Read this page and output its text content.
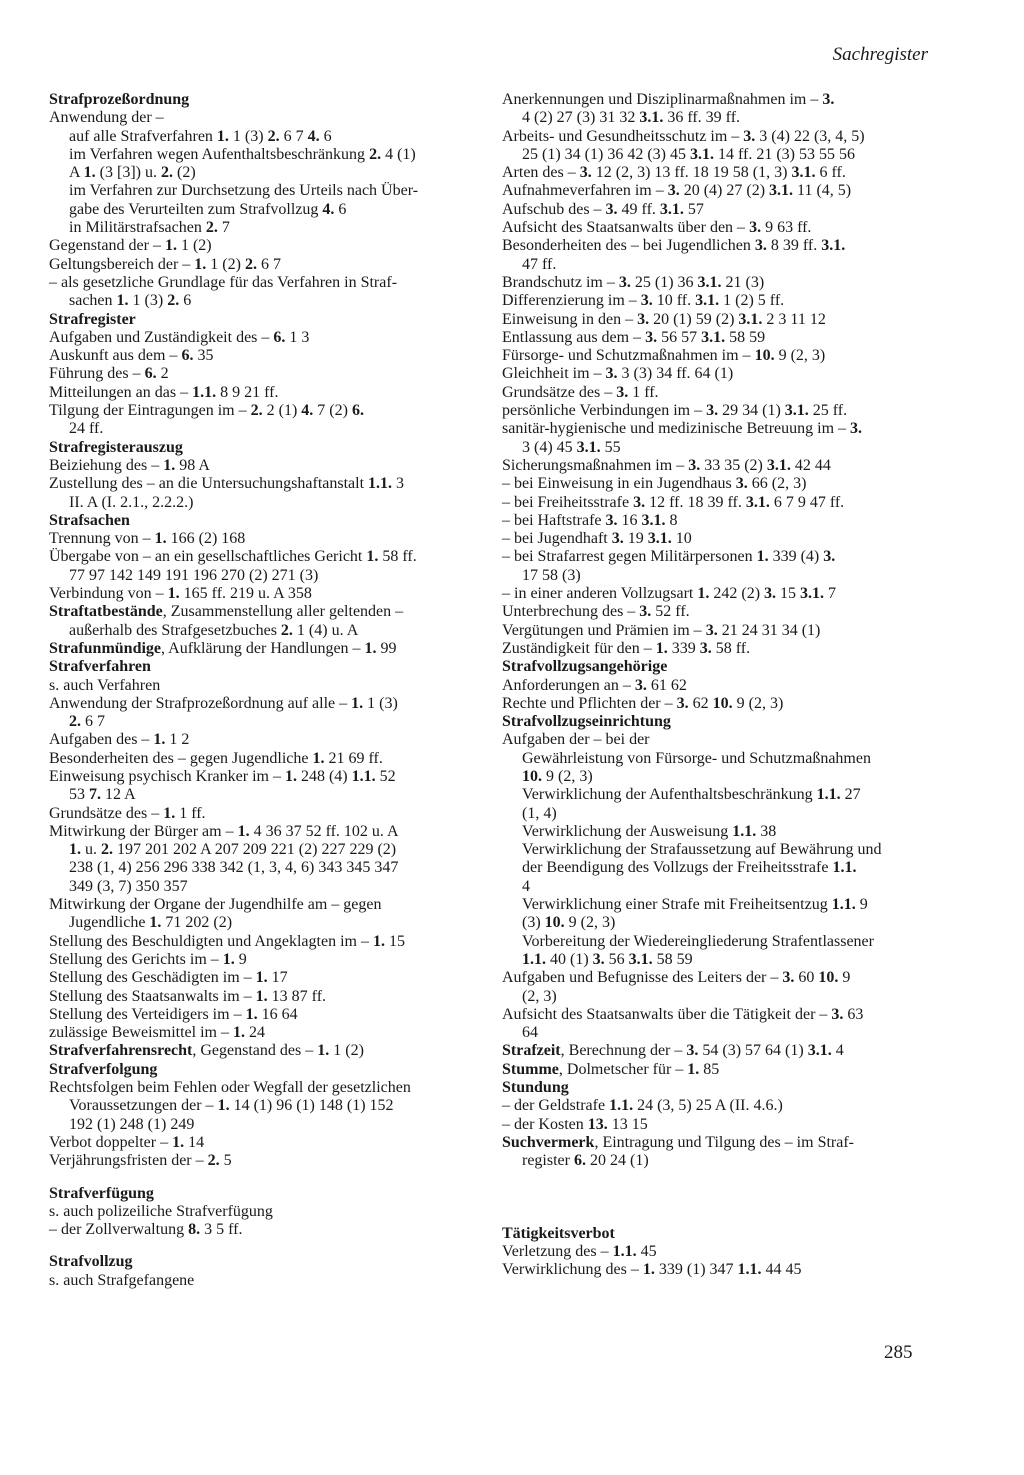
Sachregister
Strafprozeßordnung
Anwendung der –
auf alle Strafverfahren 1. 1 (3) 2. 6 7 4. 6
im Verfahren wegen Aufenthaltsbeschränkung 2. 4 (1)
A 1. (3 [3]) u. 2. (2)
im Verfahren zur Durchsetzung des Urteils nach Über-
gabe des Verurteilten zum Strafvollzug 4. 6
in Militärstrafsachen 2. 7
Gegenstand der – 1. 1 (2)
Geltungsbereich der – 1. 1 (2) 2. 6 7
– als gesetzliche Grundlage für das Verfahren in Straf-
sachen 1. 1 (3) 2. 6
Strafregister
Aufgaben und Zuständigkeit des – 6. 1 3
Auskunft aus dem – 6. 35
Führung des – 6. 2
Mitteilungen an das – 1.1. 8 9 21 ff.
Tilgung der Eintragungen im – 2. 2 (1) 4. 7 (2) 6.
24 ff.
Strafregisterauszug
Beiziehung des – 1. 98 A
Zustellung des – an die Untersuchungshaftanstalt 1.1. 3
II. A (I. 2.1., 2.2.2.)
Strafsachen
Trennung von – 1. 166 (2) 168
Übergabe von – an ein gesellschaftliches Gericht 1. 58 ff.
77 97 142 149 191 196 270 (2) 271 (3)
Verbindung von – 1. 165 ff. 219 u. A 358
Straftatbestände, Zusammenstellung aller geltenden –
außerhalb des Strafgesetzbuches 2. 1 (4) u. A
Strafunmündige, Aufklärung der Handlungen – 1. 99
Strafverfahren
s. auch Verfahren
Anwendung der Strafprozeßordnung auf alle – 1. 1 (3)
2. 6 7
Aufgaben des – 1. 1 2
Besonderheiten des – gegen Jugendliche 1. 21 69 ff.
Einweisung psychisch Kranker im – 1. 248 (4) 1.1. 52
53 7. 12 A
Grundsätze des – 1. 1 ff.
Mitwirkung der Bürger am – 1. 4 36 37 52 ff. 102 u. A
1. u. 2. 197 201 202 A 207 209 221 (2) 227 229 (2)
238 (1, 4) 256 296 338 342 (1, 3, 4, 6) 343 345 347
349 (3, 7) 350 357
Mitwirkung der Organe der Jugendhilfe am – gegen
Jugendliche 1. 71 202 (2)
Stellung des Beschuldigten und Angeklagten im – 1. 15
Stellung des Gerichts im – 1. 9
Stellung des Geschädigten im – 1. 17
Stellung des Staatsanwalts im – 1. 13 87 ff.
Stellung des Verteidigers im – 1. 16 64
zulässige Beweismittel im – 1. 24
Strafverfahrensrecht, Gegenstand des – 1. 1 (2)
Strafverfolgung
Rechtsfolgen beim Fehlen oder Wegfall der gesetzlichen
Voraussetzungen der – 1. 14 (1) 96 (1) 148 (1) 152
192 (1) 248 (1) 249
Verbot doppelter – 1. 14
Verjährungsfristen der – 2. 5
Strafverfügung
s. auch polizeiliche Strafverfügung
– der Zollverwaltung 8. 3 5 ff.
Strafvollzug
s. auch Strafgefangene
Anerkennungen und Disziplinarmaßnahmen im – 3.
4 (2) 27 (3) 31 32 3.1. 36 ff. 39 ff.
Arbeits- und Gesundheitsschutz im – 3. 3 (4) 22 (3, 4, 5)
25 (1) 34 (1) 36 42 (3) 45 3.1. 14 ff. 21 (3) 53 55 56
Arten des – 3. 12 (2, 3) 13 ff. 18 19 58 (1, 3) 3.1. 6 ff.
Aufnahmeverfahren im – 3. 20 (4) 27 (2) 3.1. 11 (4, 5)
Aufschub des – 3. 49 ff. 3.1. 57
Aufsicht des Staatsanwalts über den – 3. 9 63 ff.
Besonderheiten des – bei Jugendlichen 3. 8 39 ff. 3.1.
47 ff.
Brandschutz im – 3. 25 (1) 36 3.1. 21 (3)
Differenzierung im – 3. 10 ff. 3.1. 1 (2) 5 ff.
Einweisung in den – 3. 20 (1) 59 (2) 3.1. 2 3 11 12
Entlassung aus dem – 3. 56 57 3.1. 58 59
Fürsorge- und Schutzmaßnahmen im – 10. 9 (2, 3)
Gleichheit im – 3. 3 (3) 34 ff. 64 (1)
Grundsätze des – 3. 1 ff.
persönliche Verbindungen im – 3. 29 34 (1) 3.1. 25 ff.
sanitär-hygienische und medizinische Betreuung im – 3.
3 (4) 45 3.1. 55
Sicherungsmaßnahmen im – 3. 33 35 (2) 3.1. 42 44
– bei Einweisung in ein Jugendhaus 3. 66 (2, 3)
– bei Freiheitsstrafe 3. 12 ff. 18 39 ff. 3.1. 6 7 9 47 ff.
– bei Haftstrafe 3. 16 3.1. 8
– bei Jugendhaft 3. 19 3.1. 10
– bei Strafarrest gegen Militärpersonen 1. 339 (4) 3.
17 58 (3)
– in einer anderen Vollzugsart 1. 242 (2) 3. 15 3.1. 7
Unterbrechung des – 3. 52 ff.
Vergütungen und Prämien im – 3. 21 24 31 34 (1)
Zuständigkeit für den – 1. 339 3. 58 ff.
Strafvollzugsangehörige
Anforderungen an – 3. 61 62
Rechte und Pflichten der – 3. 62 10. 9 (2, 3)
Strafvollzugseinrichtung
Aufgaben der – bei der
Gewährleistung von Fürsorge- und Schutzmaßnahmen
10. 9 (2, 3)
Verwirklichung der Aufenthaltsbeschränkung 1.1. 27
(1, 4)
Verwirklichung der Ausweisung 1.1. 38
Verwirklichung der Strafaussetzung auf Bewährung und
der Beendigung des Vollzugs der Freiheitsstrafe 1.1.
4
Verwirklichung einer Strafe mit Freiheitsentzug 1.1. 9
(3) 10. 9 (2, 3)
Vorbereitung der Wiedereingliederung Strafentlassener
1.1. 40 (1) 3. 56 3.1. 58 59
Aufgaben und Befugnisse des Leiters der – 3. 60 10. 9
(2, 3)
Aufsicht des Staatsanwalts über die Tätigkeit der – 3. 63
64
Strafzeit, Berechnung der – 3. 54 (3) 57 64 (1) 3.1. 4
Stumme, Dolmetscher für – 1. 85
Stundung
– der Geldstrafe 1.1. 24 (3, 5) 25 A (II. 4.6.)
– der Kosten 13. 13 15
Suchvermerk, Eintragung und Tilgung des – im Straf-
register 6. 20 24 (1)
Tätigkeitsverbot
Verletzung des – 1.1. 45
Verwirklichung des – 1. 339 (1) 347 1.1. 44 45
285
